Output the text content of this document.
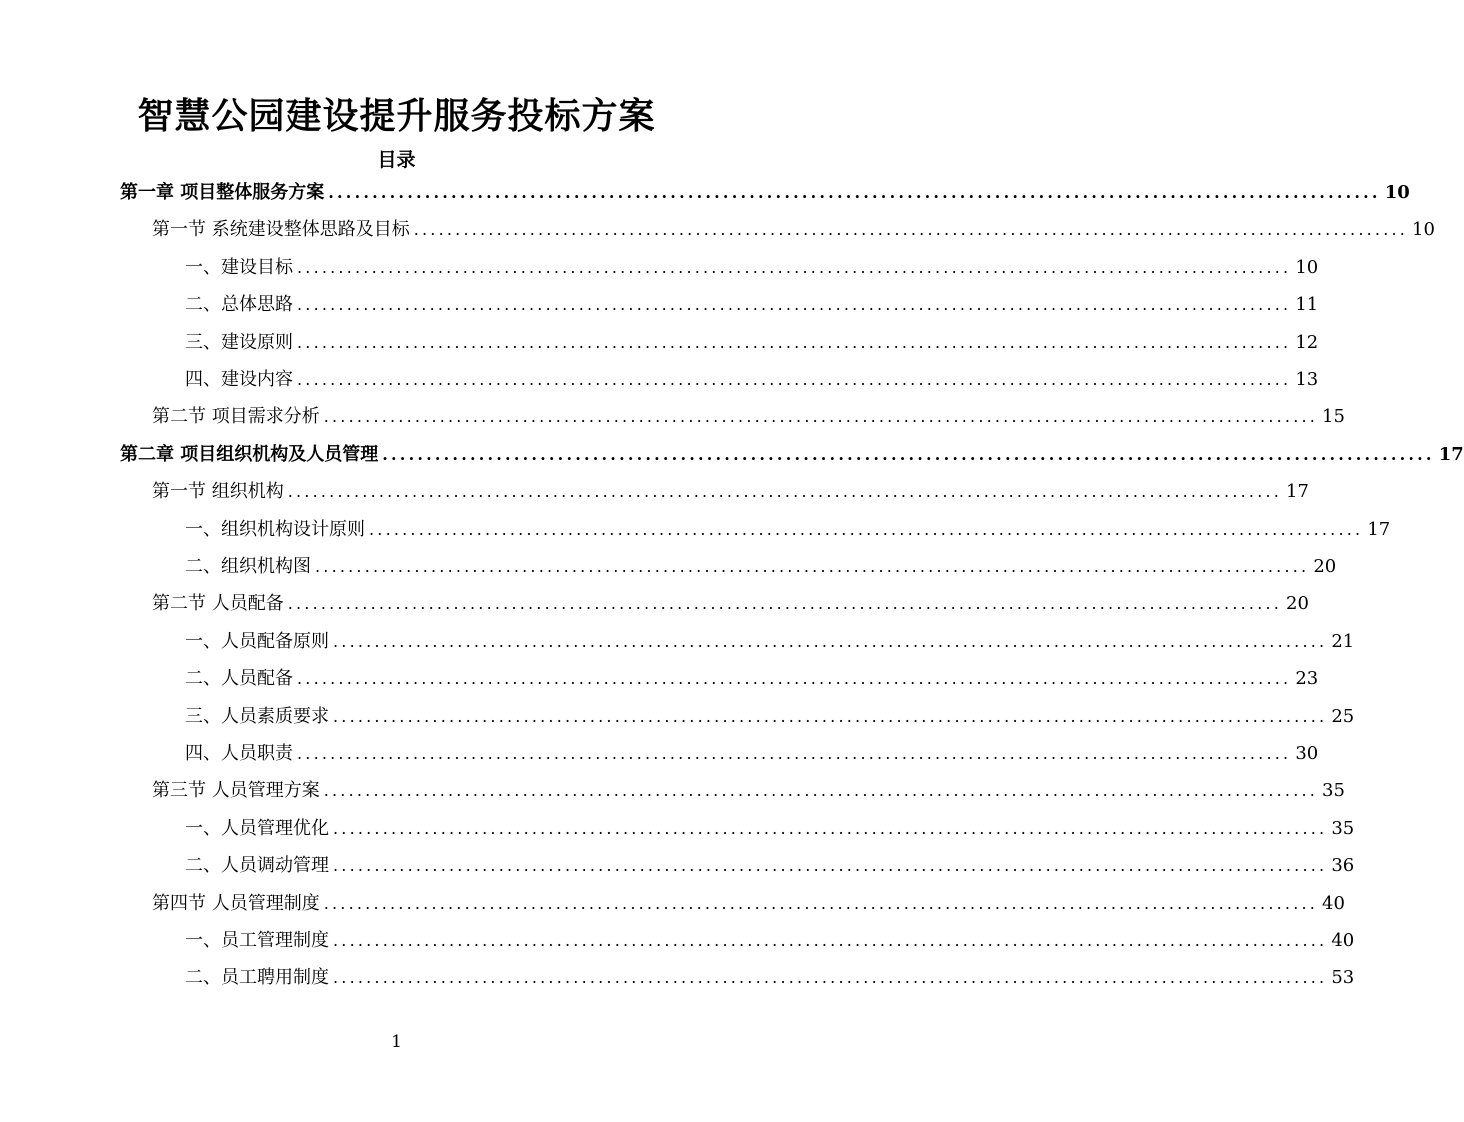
智慧公园建设提升服务投标方案
目录
第一章 项目整体服务方案 ........................................................................................................................ 10
第一节 系统建设整体思路及目标 ........................................................................................................................ 10
一、建设目标 ........................................................................................................................ 10
二、总体思路 ........................................................................................................................ 11
三、建设原则 ........................................................................................................................ 12
四、建设内容 ........................................................................................................................ 13
第二节 项目需求分析 ........................................................................................................................ 15
第二章 项目组织机构及人员管理 ........................................................................................................................ 17
第一节 组织机构 ........................................................................................................................ 17
一、组织机构设计原则 ........................................................................................................................ 17
二、组织机构图 ........................................................................................................................ 20
第二节 人员配备 ........................................................................................................................ 20
一、人员配备原则 ........................................................................................................................ 21
二、人员配备 ........................................................................................................................ 23
三、人员素质要求 ........................................................................................................................ 25
四、人员职责 ........................................................................................................................ 30
第三节 人员管理方案 ........................................................................................................................ 35
一、人员管理优化 ........................................................................................................................ 35
二、人员调动管理 ........................................................................................................................ 36
第四节 人员管理制度 ........................................................................................................................ 40
一、员工管理制度 ........................................................................................................................ 40
二、员工聘用制度 ........................................................................................................................ 53
1
